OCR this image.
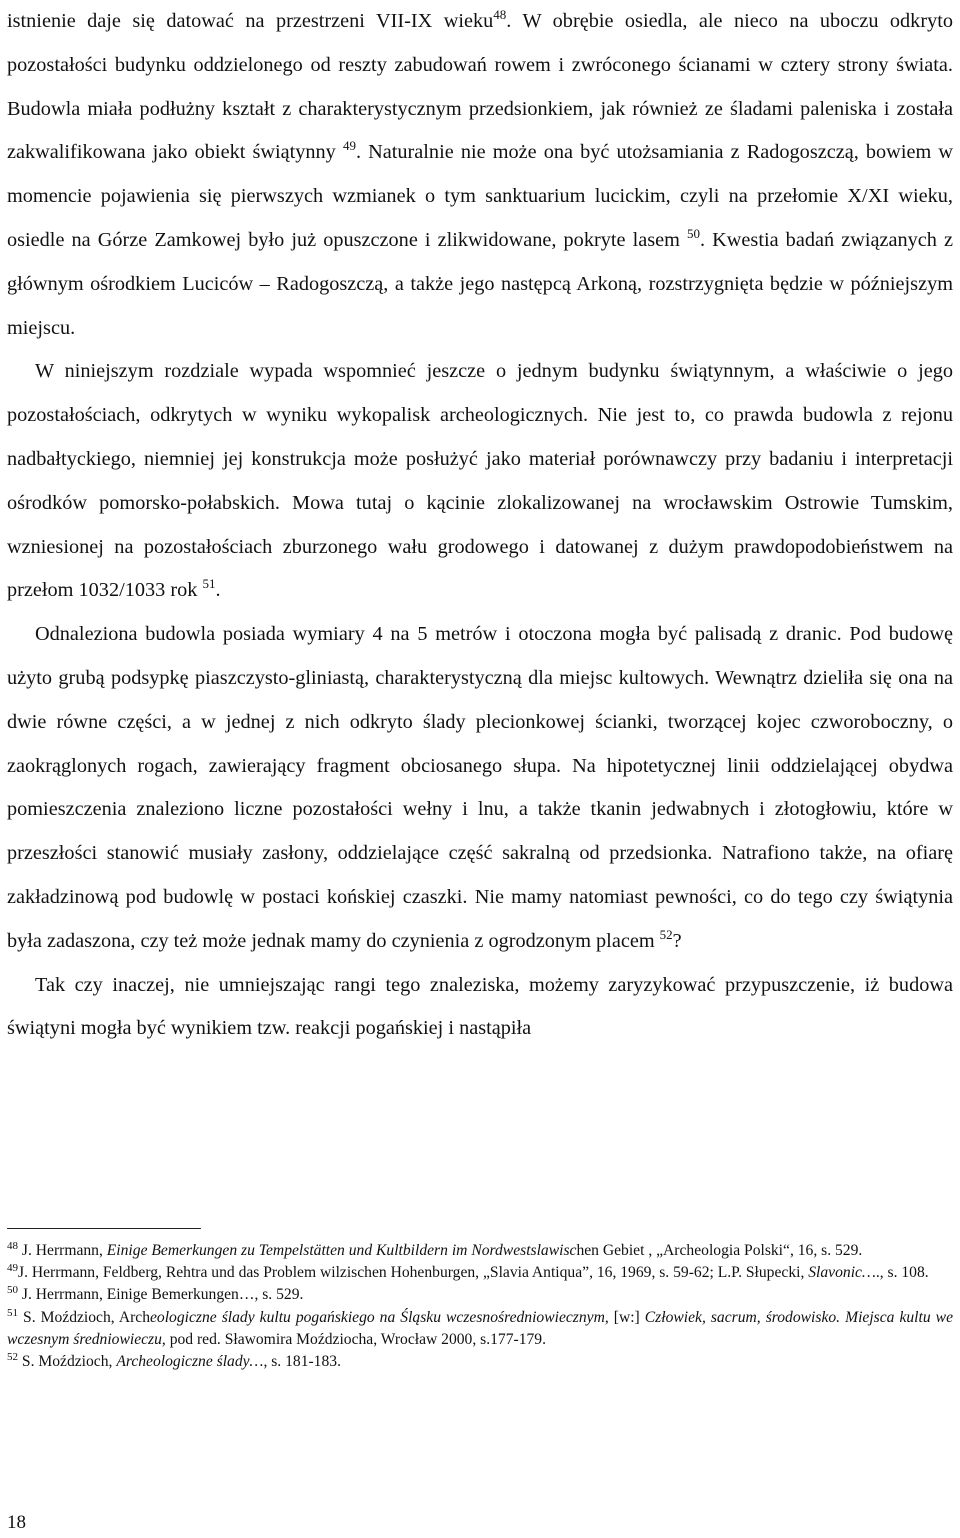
istnienie daje się datować na przestrzeni VII-IX wieku$^{48}$. W obrębie osiedla, ale nieco na uboczu odkryto pozostałości budynku oddzielonego od reszty zabudowań rowem i zwróconego ścianami w cztery strony świata. Budowla miała podłużny kształt z charakterystycznym przedsionkiem, jak również ze śladami paleniska i została zakwalifikowana jako obiekt świątynny $^{49}$. Naturalnie nie może ona być utożsamiania z Radogoszczą, bowiem w momencie pojawienia się pierwszych wzmianek o tym sanktuarium lucickim, czyli na przełomie X/XI wieku, osiedle na Górze Zamkowej było już opuszczone i zlikwidowane, pokryte lasem $^{50}$. Kwestia badań związanych z głównym ośrodkiem Luciców – Radogoszczą, a także jego następcą Arkoną, rozstrzygnięta będzie w późniejszym miejscu.

W niniejszym rozdziale wypada wspomnieć jeszcze o jednym budynku świątynnym, a właściwie o jego pozostałościach, odkrytych w wyniku wykopalisk archeologicznych. Nie jest to, co prawda budowla z rejonu nadbałtyckiego, niemniej jej konstrukcja może posłużyć jako materiał porównawczy przy badaniu i interpretacji ośrodków pomorsko-połabskich. Mowa tutaj o kącinie zlokalizowanej na wrocławskim Ostrowie Tumskim, wzniesionej na pozostałościach zburzonego wału grodowego i datowanej z dużym prawdopodobieństwem na przełom 1032/1033 rok $^{51}$.

Odnaleziona budowla posiada wymiary 4 na 5 metrów i otoczona mogła być palisadą z dranic. Pod budowę użyto grubą podsypkę piaszczysto-gliniastą, charakterystyczną dla miejsc kultowych. Wewnątrz dzieliła się ona na dwie równe części, a w jednej z nich odkryto ślady plecionkowej ścianki, tworzącej kojec czworoboczny, o zaokrąglonych rogach, zawierający fragment obciosanego słupa. Na hipotetycznej linii oddzielającej obydwa pomieszczenia znaleziono liczne pozostałości wełny i lnu, a także tkanin jedwabnych i złotogłowiu, które w przeszłości stanowić musiały zasłony, oddzielające część sakralną od przedsionka. Natrafiono także, na ofiarę zakładzinową pod budowlę w postaci końskiej czaszki. Nie mamy natomiast pewności, co do tego czy świątynia była zadaszona, czy też może jednak mamy do czynienia z ogrodzonym placem $^{52}$?

Tak czy inaczej, nie umniejszając rangi tego znaleziska, możemy zaryzykować przypuszczenie, iż budowa świątyni mogła być wynikiem tzw. reakcji pogańskiej i nastąpiła

$^{48}$ J. Herrmann, Einige Bemerkungen zu Tempelstätten und Kultbildern im Nordwestslawischen Gebiet , „Archeologia Polski“, 16, s. 529.

$^{49}$J. Herrmann, Feldberg, Rehtra und das Problem wilzischen Hohenburgen, „Slavia Antiqua”, 16, 1969, s. 59-62; L.P. Słupecki, Slavonic…., s. 108.

$^{50}$ J. Herrmann, Einige Bemerkungen…, s. 529.

$^{51}$ S. Moździoch, Archeologiczne ślady kultu pogańskiego na Śląsku wczesnośredniowiecznym, [w:] Człowiek, sacrum, środowisko. Miejsca kultu we wczesnym średniowieczu, pod red. Sławomira Moździocha, Wrocław 2000, s.177-179.

$^{52}$ S. Moździoch, Archeologiczne ślady…, s. 181-183.

18
